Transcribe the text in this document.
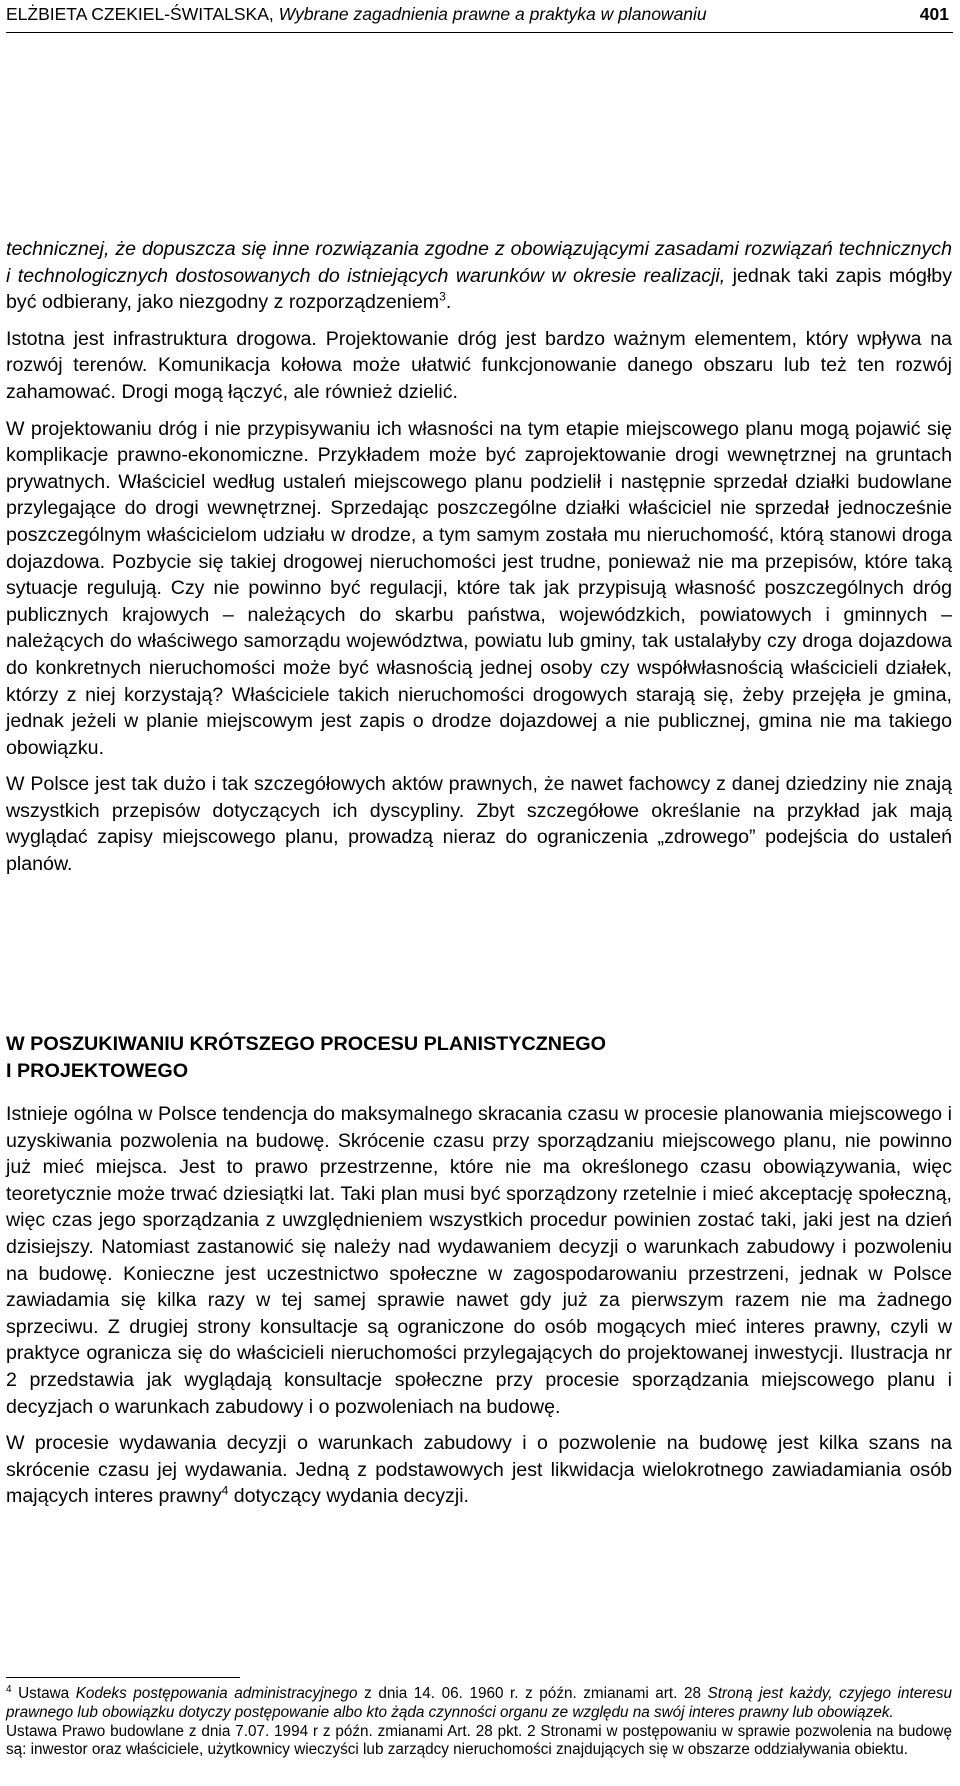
ELŻBIETA CZEKIEL-ŚWITALSKA, Wybrane zagadnienia prawne a praktyka w planowaniu	401

technicznej, że dopuszcza się inne rozwiązania zgodne z obowiązującymi zasadami rozwiązań technicznych i technologicznych dostosowanych do istniejących warunków w okresie realizacji, jednak taki zapis mógłby być odbierany, jako niezgodny z rozporządzeniem$^3$.

Istotna jest infrastruktura drogowa. Projektowanie dróg jest bardzo ważnym elementem, który wpływa na rozwój terenów. Komunikacja kołowa może ułatwić funkcjonowanie danego obszaru lub też ten rozwój zahamować. Drogi mogą łączyć, ale również dzielić.

W projektowaniu dróg i nie przypisywaniu ich własności na tym etapie miejscowego planu mogą pojawić się komplikacje prawno-ekonomiczne. Przykładem może być zaprojektowanie drogi wewnętrznej na gruntach prywatnych. Właściciel według ustaleń miejscowego planu podzielił i następnie sprzedał działki budowlane przylegające do drogi wewnętrznej. Sprzedając poszczególne działki właściciel nie sprzedał jednocześnie poszczególnym właścicielom udziału w drodze, a tym samym została mu nieruchomość, którą stanowi droga dojazdowa. Pozbycie się takiej drogowej nieruchomości jest trudne, ponieważ nie ma przepisów, które taką sytuacje regulują. Czy nie powinno być regulacji, które tak jak przypisują własność poszczególnych dróg publicznych krajowych – należących do skarbu państwa, wojewódzkich, powiatowych i gminnych – należących do właściwego samorządu województwa, powiatu lub gminy, tak ustalałyby czy droga dojazdowa do konkretnych nieruchomości może być własnością jednej osoby czy współwłasnością właścicieli działek, którzy z niej korzystają? Właściciele takich nieruchomości drogowych starają się, żeby przejęła je gmina, jednak jeżeli w planie miejscowym jest zapis o drodze dojazdowej a nie publicznej, gmina nie ma takiego obowiązku.

W Polsce jest tak dużo i tak szczegółowych aktów prawnych, że nawet fachowcy z danej dziedziny nie znają wszystkich przepisów dotyczących ich dyscypliny. Zbyt szczegółowe określanie na przykład jak mają wyglądać zapisy miejscowego planu, prowadzą nieraz do ograniczenia „zdrowego” podejścia do ustaleń planów.

W POSZUKIWANIU KRÓTSZEGO PROCESU PLANISTYCZNEGO
I PROJEKTOWEGO

Istnieje ogólna w Polsce tendencja do maksymalnego skracania czasu w procesie planowania miejscowego i uzyskiwania pozwolenia na budowę. Skrócenie czasu przy sporządzaniu miejscowego planu, nie powinno już mieć miejsca. Jest to prawo przestrzenne, które nie ma określonego czasu obowiązywania, więc teoretycznie może trwać dziesiątki lat. Taki plan musi być sporządzony rzetelnie i mieć akceptację społeczną, więc czas jego sporządzania z uwzględnieniem wszystkich procedur powinien zostać taki, jaki jest na dzień dzisiejszy. Natomiast zastanowić się należy nad wydawaniem decyzji o warunkach zabudowy i pozwoleniu na budowę. Konieczne jest uczestnictwo społeczne w zagospodarowaniu przestrzeni, jednak w Polsce zawiadamia się kilka razy w tej samej sprawie nawet gdy już za pierwszym razem nie ma żadnego sprzeciwu. Z drugiej strony konsultacje są ograniczone do osób mogących mieć interes prawny, czyli w praktyce ogranicza się do właścicieli nieruchomości przylegających do projektowanej inwestycji. Ilustracja nr 2 przedstawia jak wyglądają konsultacje społeczne przy procesie sporządzania miejscowego planu i decyzjach o warunkach zabudowy i o pozwoleniach na budowę.

W procesie wydawania decyzji o warunkach zabudowy i o pozwolenie na budowę jest kilka szans na skrócenie czasu jej wydawania. Jedną z podstawowych jest likwidacja wielokrotnego zawiadamiania osób mających interes prawny$^4$ dotyczący wydania decyzji.

$^4$ Ustawa Kodeks postępowania administracyjnego z dnia 14. 06. 1960 r. z późn. zmianami art. 28 Stroną jest każdy, czyjego interesu prawnego lub obowiązku dotyczy postępowanie albo kto żąda czynności organu ze względu na swój interes prawny lub obowiązek.

Ustawa Prawo budowlane z dnia 7.07. 1994 r z późn. zmianami Art. 28 pkt. 2 Stronami w postępowaniu w sprawie pozwolenia na budowę są: inwestor oraz właściciele, użytkownicy wieczyści lub zarządcy nieruchomości znajdujących się w obszarze oddziaływania obiektu.
